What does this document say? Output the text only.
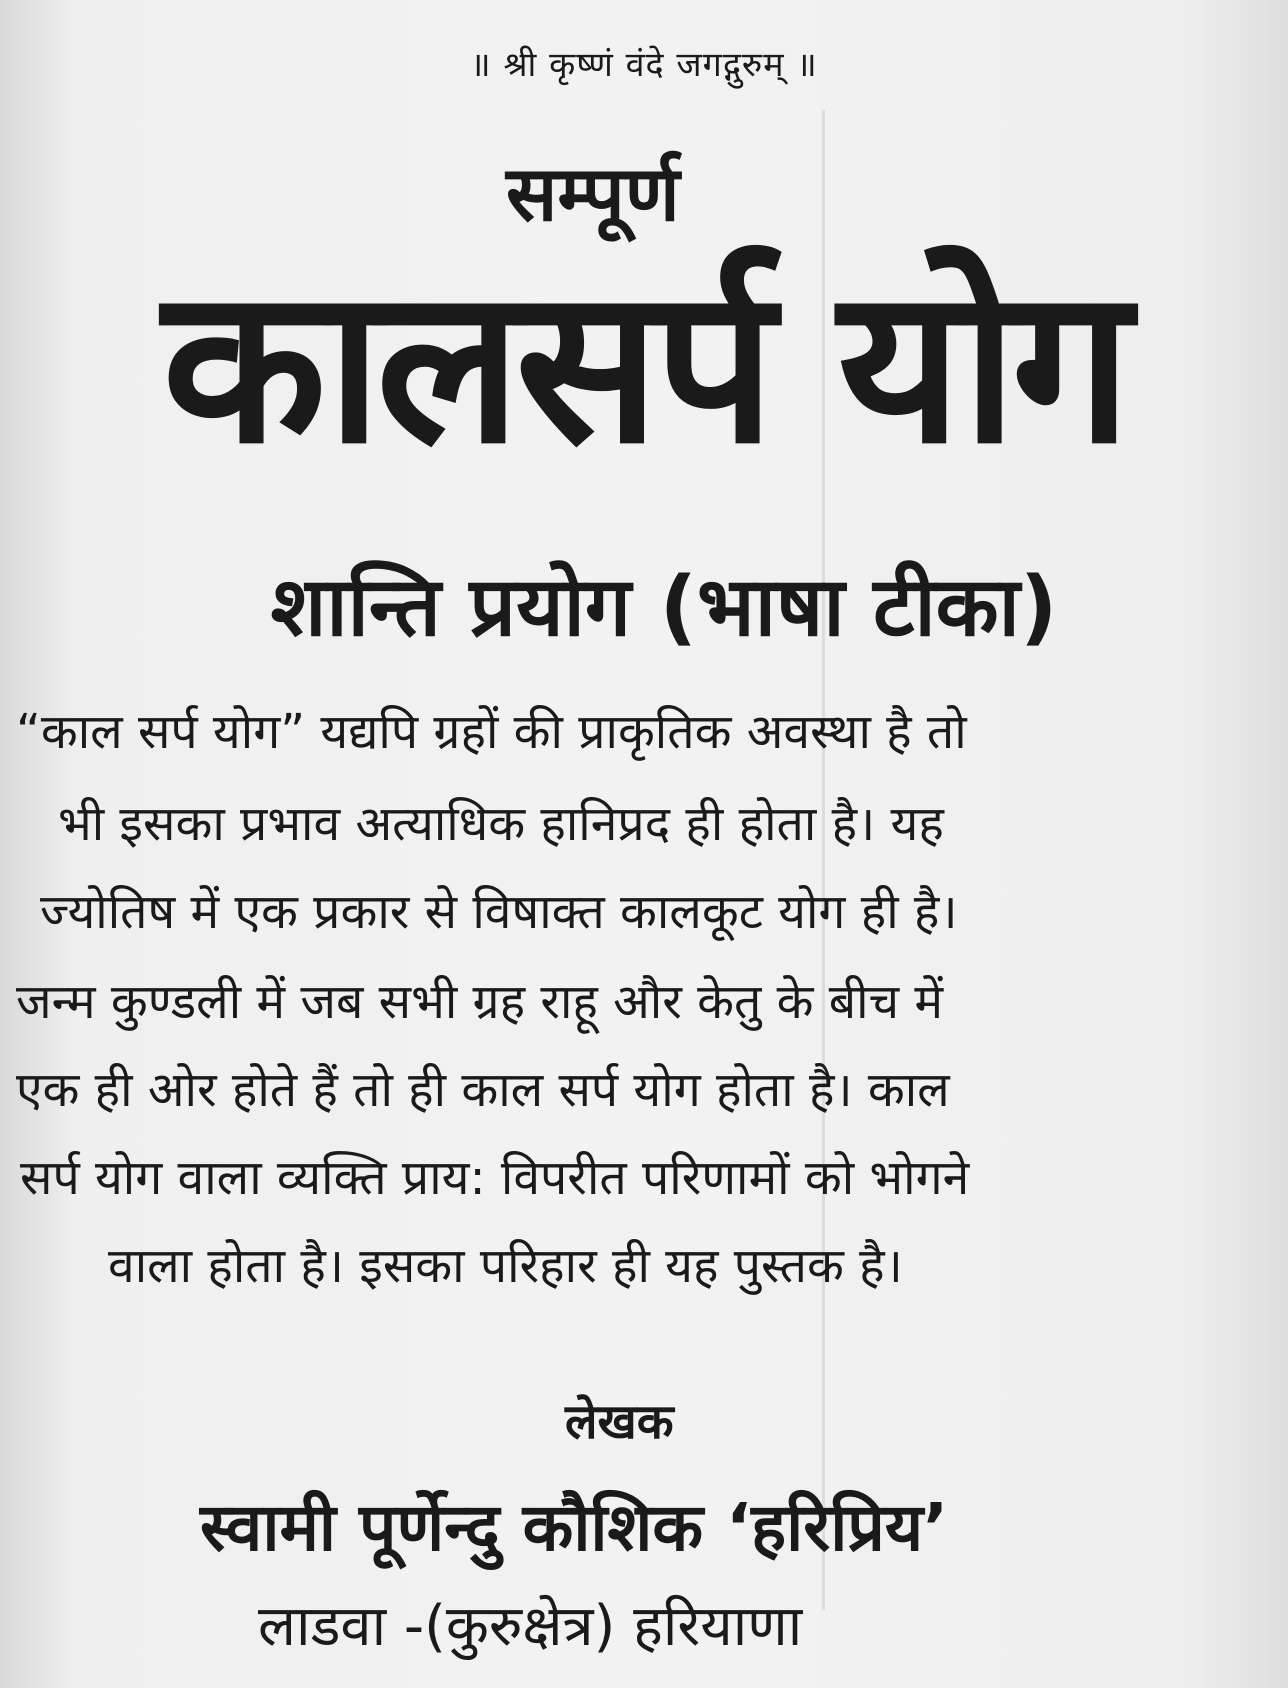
॥ श्री कृष्णं वंदे जगद्गुरुम् ॥
सम्पूर्ण
कालसर्प योग
शान्ति प्रयोग (भाषा टीका)
“काल सर्प योग” यद्यपि ग्रहों की प्राकृतिक अवस्था है तो
भी इसका प्रभाव अत्याधिक हानिप्रद ही होता है। यह
ज्योतिष में एक प्रकार से विषाक्त कालकूट योग ही है।
जन्म कुण्डली में जब सभी ग्रह राहू और केतु के बीच में
एक ही ओर होते हैं तो ही काल सर्प योग होता है। काल
सर्प योग वाला व्यक्ति प्राय: विपरीत परिणामों को भोगने
वाला होता है। इसका परिहार ही यह पुस्तक है।
लेखक
स्वामी पूर्णेन्दु कौशिक ‘हरिप्रिय’
लाडवा -(कुरुक्षेत्र) हरियाणा
